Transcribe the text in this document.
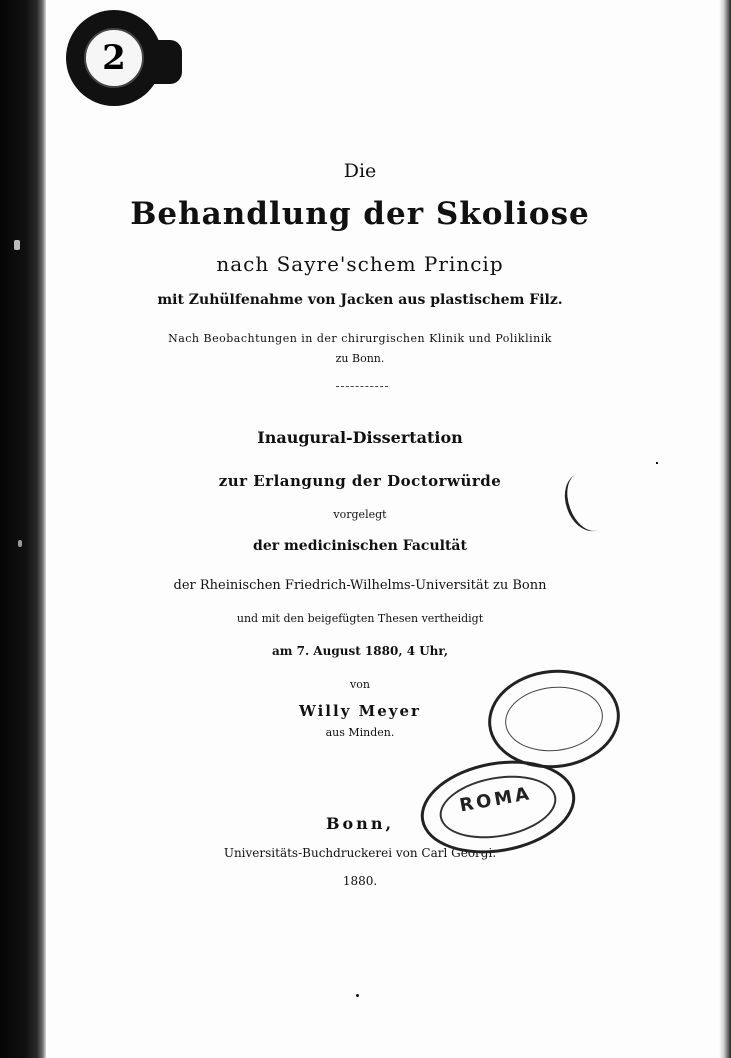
2
Die
Behandlung der Skoliose
nach Sayre'schem Princip
mit Zuhülfenahme von Jacken aus plastischem Filz.
Nach Beobachtungen in der chirurgischen Klinik und Poliklinik
zu Bonn.
Inaugural-Dissertation
zur Erlangung der Doctorwürde
vorgelegt
der medicinischen Facultät
der Rheinischen Friedrich-Wilhelms-Universität zu Bonn
und mit den beigefügten Thesen vertheidigt
am 7. August 1880, 4 Uhr,
von
Willy Meyer
aus Minden.
Bonn,
Universitäts-Buchdruckerei von Carl Georgi.
1880.
ROMA
